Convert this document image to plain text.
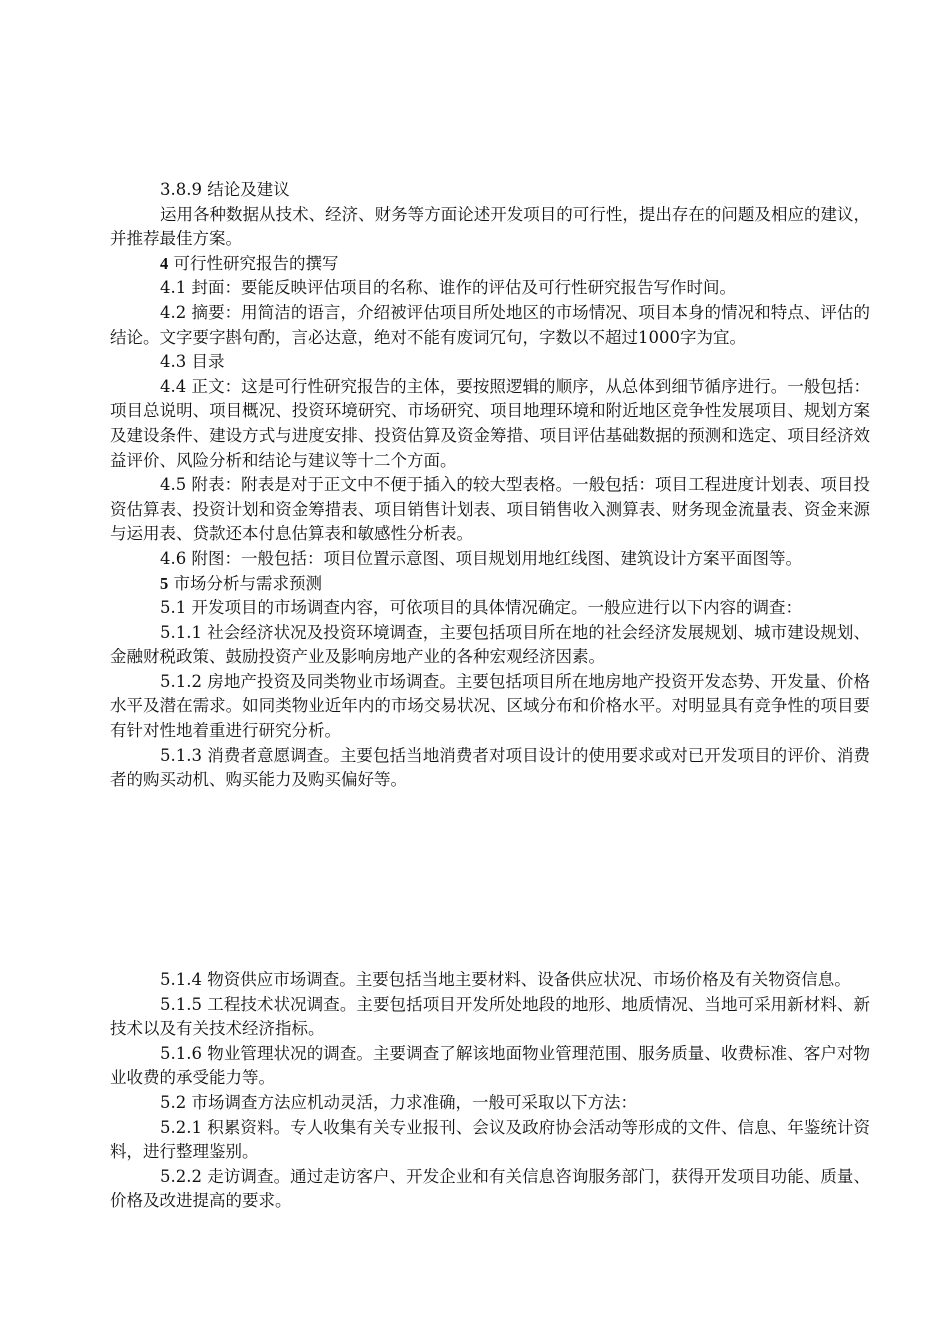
3.8.9 结论及建议

运用各种数据从技术、经济、财务等方面论述开发项目的可行性，提出存在的问题及相应的建议，并推荐最佳方案。

4 可行性研究报告的撰写

4.1 封面：要能反映评估项目的名称、谁作的评估及可行性研究报告写作时间。

4.2 摘要：用简洁的语言，介绍被评估项目所处地区的市场情况、项目本身的情况和特点、评估的结论。文字要字斟句酌，言必达意，绝对不能有废词冗句，字数以不超过1000字为宜。

4.3 目录

4.4 正文：这是可行性研究报告的主体，要按照逻辑的顺序，从总体到细节循序进行。一般包括：项目总说明、项目概况、投资环境研究、市场研究、项目地理环境和附近地区竞争性发展项目、规划方案及建设条件、建设方式与进度安排、投资估算及资金筹措、项目评估基础数据的预测和选定、项目经济效益评价、风险分析和结论与建议等十二个方面。

4.5 附表：附表是对于正文中不便于插入的较大型表格。一般包括：项目工程进度计划表、项目投资估算表、投资计划和资金筹措表、项目销售计划表、项目销售收入测算表、财务现金流量表、资金来源与运用表、贷款还本付息估算表和敏感性分析表。

4.6 附图：一般包括：项目位置示意图、项目规划用地红线图、建筑设计方案平面图等。

5 市场分析与需求预测

5.1 开发项目的市场调查内容，可依项目的具体情况确定。一般应进行以下内容的调查：

5.1.1 社会经济状况及投资环境调查，主要包括项目所在地的社会经济发展规划、城市建设规划、金融财税政策、鼓励投资产业及影响房地产业的各种宏观经济因素。

5.1.2 房地产投资及同类物业市场调查。主要包括项目所在地房地产投资开发态势、开发量、价格水平及潜在需求。如同类物业近年内的市场交易状况、区域分布和价格水平。对明显具有竞争性的项目要有针对性地着重进行研究分析。

5.1.3 消费者意愿调查。主要包括当地消费者对项目设计的使用要求或对已开发项目的评价、消费者的购买动机、购买能力及购买偏好等。

5.1.4 物资供应市场调查。主要包括当地主要材料、设备供应状况、市场价格及有关物资信息。

5.1.5 工程技术状况调查。主要包括项目开发所处地段的地形、地质情况、当地可采用新材料、新技术以及有关技术经济指标。

5.1.6 物业管理状况的调查。主要调查了解该地面物业管理范围、服务质量、收费标准、客户对物业收费的承受能力等。

5.2 市场调查方法应机动灵活，力求准确，一般可采取以下方法：

5.2.1 积累资料。专人收集有关专业报刊、会议及政府协会活动等形成的文件、信息、年鉴统计资料，进行整理鉴别。

5.2.2 走访调查。通过走访客户、开发企业和有关信息咨询服务部门，获得开发项目功能、质量、价格及改进提高的要求。
